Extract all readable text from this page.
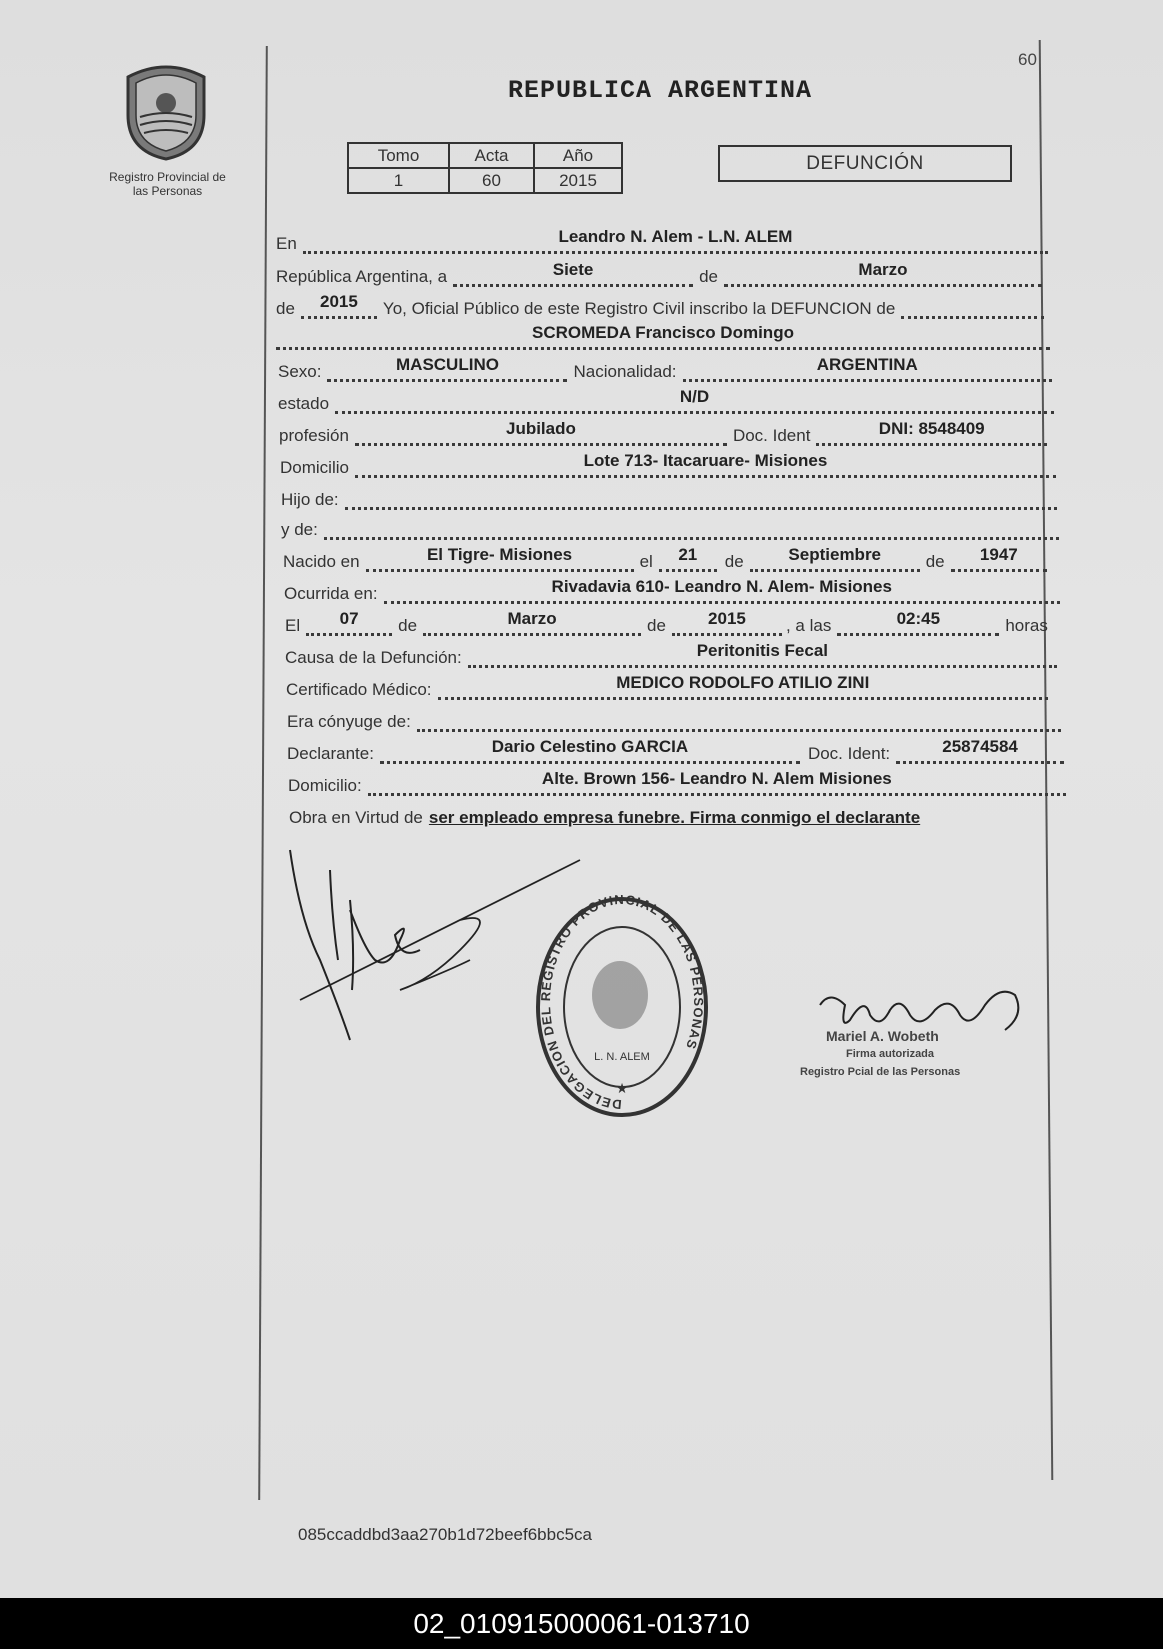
60
Registro Provincial de
las Personas
REPUBLICA ARGENTINA
Tomo	Acta	Año
1	60	2015
DEFUNCIÓN
En	Leandro N. Alem - L.N. ALEM
República Argentina, a	Siete	de	Marzo
de	2015	Yo, Oficial Público de este Registro Civil inscribo la DEFUNCION de
SCROMEDA Francisco Domingo
Sexo:	MASCULINO	Nacionalidad:	ARGENTINA
estado	N/D
profesión	Jubilado	Doc. Ident	DNI: 8548409
Domicilio	Lote 713- Itacaruare- Misiones
Hijo de:
y de:
Nacido en	El Tigre- Misiones	el	21	de	Septiembre	de	1947
Ocurrida en:	Rivadavia 610- Leandro N. Alem- Misiones
El	07	de	Marzo	de	2015	, a las	02:45	horas
Causa de la Defunción:	Peritonitis Fecal
Certificado Médico:	MEDICO RODOLFO ATILIO ZINI
Era cónyuge de:
Declarante:	Dario Celestino GARCIA	Doc. Ident:	25874584
Domicilio:	Alte. Brown 156- Leandro N. Alem Misiones
Obra en Virtud de ser empleado empresa funebre. Firma conmigo el declarante
DELEGACION DEL REGISTRO PROVINCIAL DE LAS PERSONAS
L. N. ALEM
★
Mariel A. Wobeth
Firma autorizada
Registro Pcial de las Personas
085ccaddbd3aa270b1d72beef6bbc5ca
02_010915000061-013710
